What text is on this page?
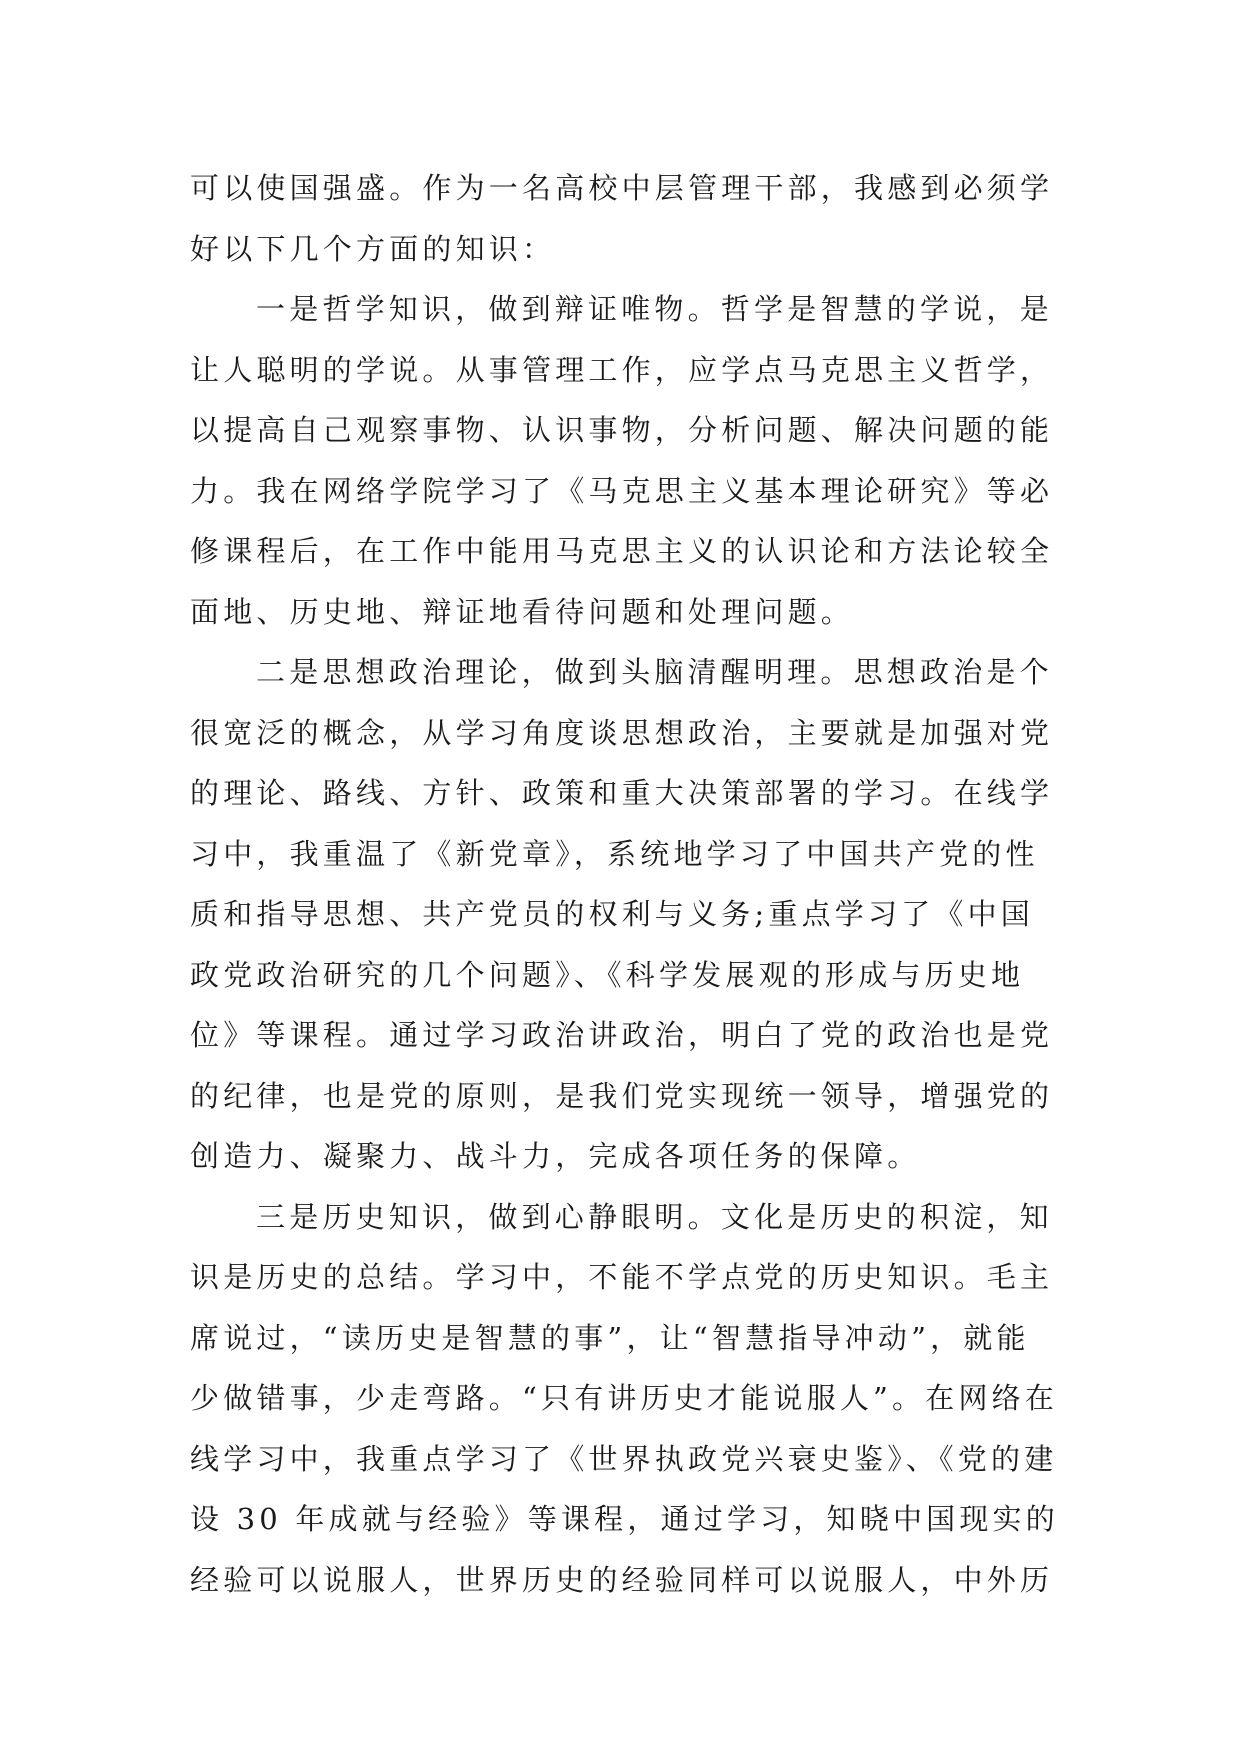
可以使国强盛。作为一名高校中层管理干部，我感到必须学
好以下几个方面的知识：
一是哲学知识，做到辩证唯物。哲学是智慧的学说，是
让人聪明的学说。从事管理工作，应学点马克思主义哲学，
以提高自己观察事物、认识事物，分析问题、解决问题的能
力。我在网络学院学习了《马克思主义基本理论研究》等必
修课程后，在工作中能用马克思主义的认识论和方法论较全
面地、历史地、辩证地看待问题和处理问题。
二是思想政治理论，做到头脑清醒明理。思想政治是个
很宽泛的概念，从学习角度谈思想政治，主要就是加强对党
的理论、路线、方针、政策和重大决策部署的学习。在线学
习中，我重温了《新党章》，系统地学习了中国共产党的性
质和指导思想、共产党员的权利与义务;重点学习了《中国
政党政治研究的几个问题》、《科学发展观的形成与历史地
位》等课程。通过学习政治讲政治，明白了党的政治也是党
的纪律，也是党的原则，是我们党实现统一领导，增强党的
创造力、凝聚力、战斗力，完成各项任务的保障。
三是历史知识，做到心静眼明。文化是历史的积淀，知
识是历史的总结。学习中，不能不学点党的历史知识。毛主
席说过，“读历史是智慧的事”，让“智慧指导冲动”，就能
少做错事，少走弯路。“只有讲历史才能说服人”。在网络在
线学习中，我重点学习了《世界执政党兴衰史鉴》、《党的建
设 30 年成就与经验》等课程，通过学习，知晓中国现实的
经验可以说服人，世界历史的经验同样可以说服人，中外历
